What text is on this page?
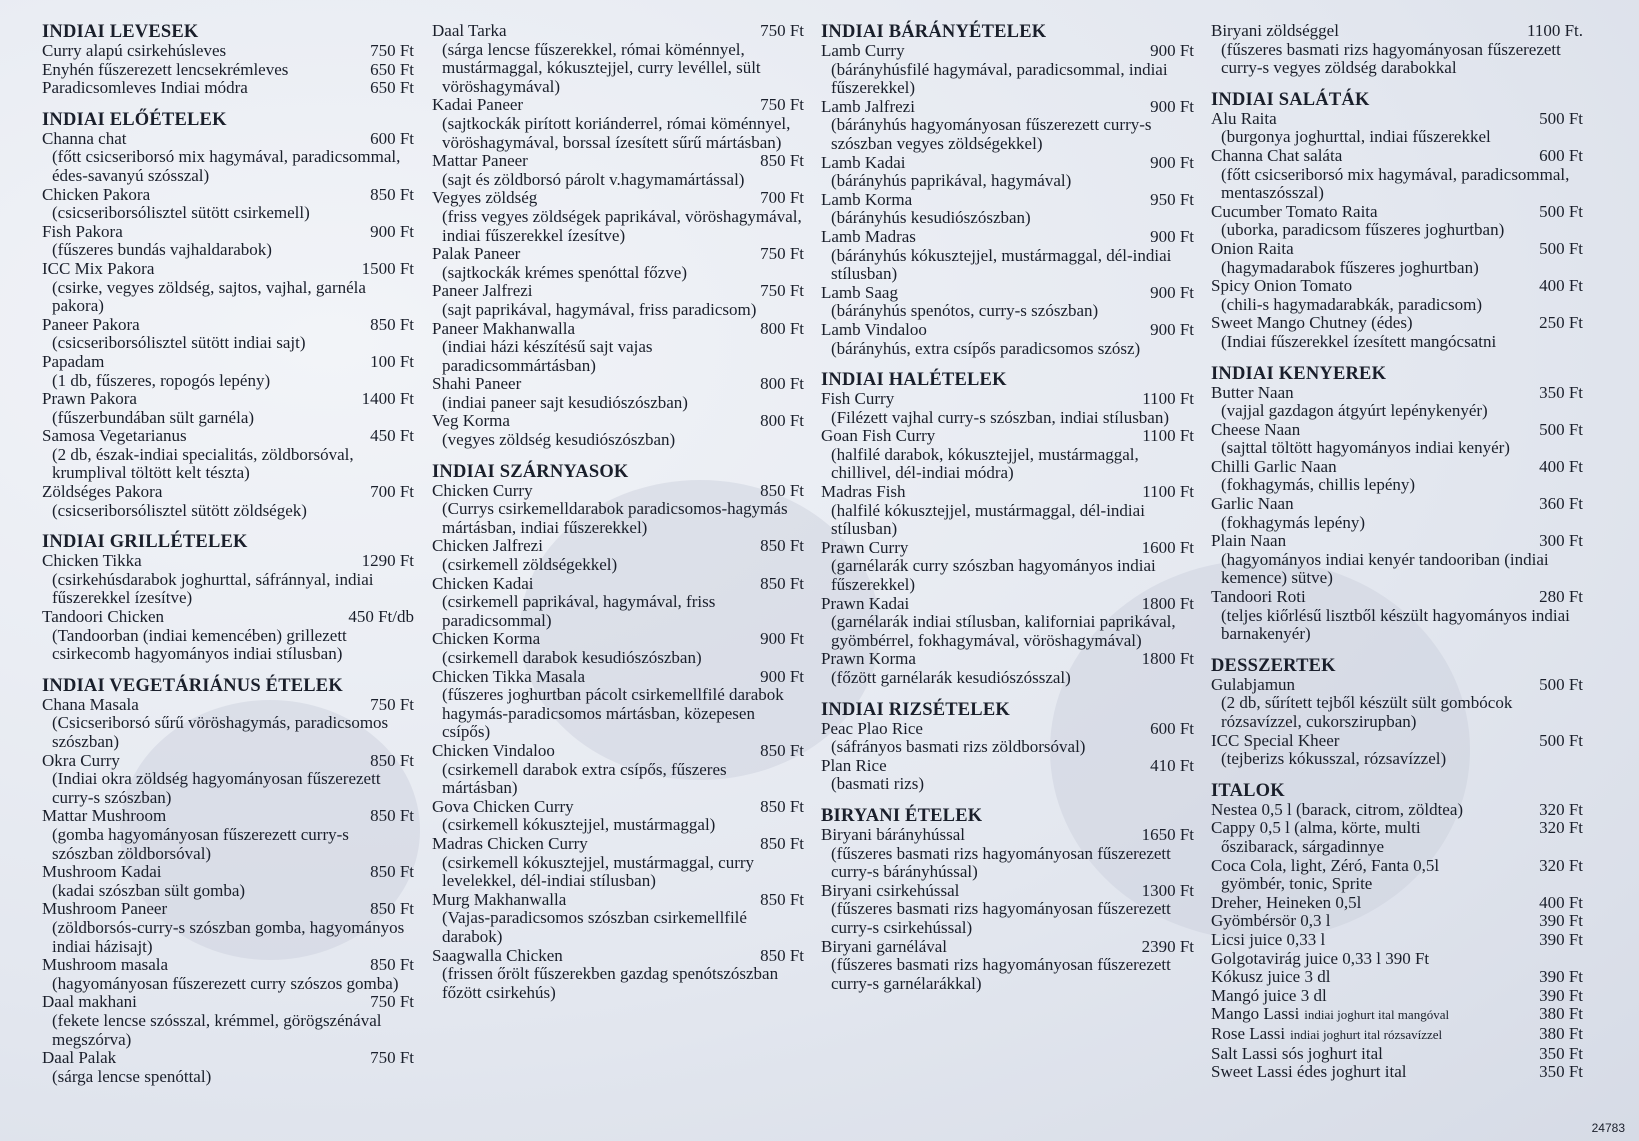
INDIAI LEVESEK
Curry alapú csirkehúsleves	750 Ft
Enyhén fűszerezett lencsekrémleves	650 Ft
Paradicsomleves Indiai módra	650 Ft
INDIAI ELŐÉTELEK
Channa chat	600 Ft
(főtt csicseriborsó mix hagymával, paradicsommal, édes-savanyú szósszal)
Chicken Pakora	850 Ft
(csicseriborsólisztel sütött csirkemell)
Fish Pakora	900 Ft
(fűszeres bundás vajhaldarabok)
ICC Mix Pakora	1500 Ft
(csirke, vegyes zöldség, sajtos, vajhal, garnéla pakora)
Paneer Pakora	850 Ft
(csicseriborsólisztel sütött indiai sajt)
Papadam	100 Ft
(1 db, fűszeres, ropogós lepény)
Prawn Pakora	1400 Ft
(fűszerbundában sült garnéla)
Samosa Vegetarianus	450 Ft
(2 db, észak-indiai specialitás, zöldborsóval, krumplival töltött kelt tészta)
Zöldséges Pakora	700 Ft
(csicseriborsólisztel sütött zöldségek)
INDIAI GRILLÉTELEK
Chicken Tikka	1290 Ft
(csirkehúsdarabok joghurttal, sáfránnyal, indiai fűszerekkel ízesítve)
Tandoori Chicken	450 Ft/db
(Tandoorban (indiai kemencében) grillezett csirkecomb hagyományos indiai stílusban)
INDIAI VEGETÁRIÁNUS ÉTELEK
Chana Masala	750 Ft
(Csicseriborsó sűrű vöröshagymás, paradicsomos szószban)
Okra Curry	850 Ft
(Indiai okra zöldség hagyományosan fűszerezett curry-s szószban)
Mattar Mushroom	850 Ft
(gomba hagyományosan fűszerezett curry-s szószban zöldborsóval)
Mushroom Kadai	850 Ft
(kadai szószban sült gomba)
Mushroom Paneer	850 Ft
(zöldborsós-curry-s szószban gomba, hagyományos indiai házisajt)
Mushroom masala	850 Ft
(hagyományosan fűszerezett curry szószos gomba)
Daal makhani	750 Ft
(fekete lencse szósszal, krémmel, görögszénával megszórva)
Daal Palak	750 Ft
(sárga lencse spenóttal)
Daal Tarka	750 Ft
(sárga lencse fűszerekkel, római köménnyel, mustármaggal, kókusztejjel, curry levéllel, sült vöröshagymával)
Kadai Paneer	750 Ft
(sajtkockák pirított koriánderrel, római köménnyel, vöröshagymával, borssal ízesített sűrű mártásban)
Mattar Paneer	850 Ft
(sajt és zöldborsó párolt v.hagymamártással)
Vegyes zöldség	700 Ft
(friss vegyes zöldségek paprikával, vöröshagymával, indiai fűszerekkel ízesítve)
Palak Paneer	750 Ft
(sajtkockák krémes spenóttal főzve)
Paneer Jalfrezi	750 Ft
(sajt paprikával, hagymával, friss paradicsom)
Paneer Makhanwalla	800 Ft
(indiai házi készítésű sajt vajas paradicsommártásban)
Shahi Paneer	800 Ft
(indiai paneer sajt kesudiószószban)
Veg Korma	800 Ft
(vegyes zöldség kesudiószószban)
INDIAI SZÁRNYASOK
Chicken Curry	850 Ft
(Currys csirkemelldarabok paradicsomos-hagymás mártásban, indiai fűszerekkel)
Chicken Jalfrezi	850 Ft
(csirkemell zöldségekkel)
Chicken Kadai	850 Ft
(csirkemell paprikával, hagymával, friss paradicsommal)
Chicken Korma	900 Ft
(csirkemell darabok kesudiószószban)
Chicken Tikka Masala	900 Ft
(fűszeres joghurtban pácolt csirkemellfilé darabok hagymás-paradicsomos mártásban, közepesen csípős)
Chicken Vindaloo	850 Ft
(csirkemell darabok extra csípős, fűszeres mártásban)
Gova Chicken Curry	850 Ft
(csirkemell kókusztejjel, mustármaggal)
Madras Chicken Curry	850 Ft
(csirkemell kókusztejjel, mustármaggal, curry levelekkel, dél-indiai stílusban)
Murg Makhanwalla	850 Ft
(Vajas-paradicsomos szószban csirkemellfilé darabok)
Saagwalla Chicken	850 Ft
(frissen őrölt fűszerekben gazdag spenótszószban főzött csirkehús)
INDIAI BÁRÁNYÉTELEK
Lamb Curry	900 Ft
(bárányhúsfilé hagymával, paradicsommal, indiai fűszerekkel)
Lamb Jalfrezi	900 Ft
(bárányhús hagyományosan fűszerezett curry-s szószban vegyes zöldségekkel)
Lamb Kadai	900 Ft
(bárányhús paprikával, hagymával)
Lamb Korma	950 Ft
(bárányhús kesudiószószban)
Lamb Madras	900 Ft
(bárányhús kókusztejjel, mustármaggal, dél-indiai stílusban)
Lamb Saag	900 Ft
(bárányhús spenótos, curry-s szószban)
Lamb Vindaloo	900 Ft
(bárányhús, extra csípős paradicsomos szósz)
INDIAI HALÉTELEK
Fish Curry	1100 Ft
(Filézett vajhal curry-s szószban, indiai stílusban)
Goan Fish Curry	1100 Ft
(halfilé darabok, kókusztejjel, mustármaggal, chillivel, dél-indiai módra)
Madras Fish	1100 Ft
(halfilé kókusztejjel, mustármaggal, dél-indiai stílusban)
Prawn Curry	1600 Ft
(garnélarák curry szószban hagyományos indiai fűszerekkel)
Prawn Kadai	1800 Ft
(garnélarák indiai stílusban, kaliforniai paprikával, gyömbérrel, fokhagymával, vöröshagymával)
Prawn Korma	1800 Ft
(főzött garnélarák kesudiószósszal)
INDIAI RIZSÉTELEK
Peac Plao Rice	600 Ft
(sáfrányos basmati rizs zöldborsóval)
Plan Rice	410 Ft
(basmati rizs)
BIRYANI ÉTELEK
Biryani bárányhússal	1650 Ft
(fűszeres basmati rizs hagyományosan fűszerezett curry-s bárányhússal)
Biryani csirkehússal	1300 Ft
(fűszeres basmati rizs hagyományosan fűszerezett curry-s csirkehússal)
Biryani garnélával	2390 Ft
(fűszeres basmati rizs hagyományosan fűszerezett curry-s garnélarákkal)
Biryani zöldséggel	1100 Ft.
(fűszeres basmati rizs hagyományosan fűszerezett curry-s vegyes zöldség darabokkal
INDIAI SALÁTÁK
Alu Raita	500 Ft
(burgonya joghurttal, indiai fűszerekkel
Channa Chat saláta	600 Ft
(főtt csicseriborsó mix hagymával, paradicsommal, mentaszósszal)
Cucumber Tomato Raita	500 Ft
(uborka, paradicsom fűszeres joghurtban)
Onion Raita	500 Ft
(hagymadarabok fűszeres joghurtban)
Spicy Onion Tomato	400 Ft
(chili-s hagymadarabkák, paradicsom)
Sweet Mango Chutney (édes)	250 Ft
(Indiai fűszerekkel ízesített mangócsatni
INDIAI KENYEREK
Butter Naan	350 Ft
(vajjal gazdagon átgyúrt lepénykenyér)
Cheese Naan	500 Ft
(sajttal töltött hagyományos indiai kenyér)
Chilli Garlic Naan	400 Ft
(fokhagymás, chillis lepény)
Garlic Naan	360 Ft
(fokhagymás lepény)
Plain Naan	300 Ft
(hagyományos indiai kenyér tandooriban (indiai kemence) sütve)
Tandoori Roti	280 Ft
(teljes kiőrlésű lisztből készült hagyományos indiai barnakenyér)
DESSZERTEK
Gulabjamun	500 Ft
(2 db, sűrített tejből készült sült gombócok rózsavízzel, cukorszirupban)
ICC Special Kheer	500 Ft
(tejberizs kókusszal, rózsavízzel)
ITALOK
Nestea 0,5 l (barack, citrom, zöldtea)	320 Ft
Cappy 0,5 l (alma, körte, multi	320 Ft
őszibarack, sárgadinnye
Coca Cola, light, Zéró, Fanta 0,5l	320 Ft
gyömbér, tonic, Sprite
Dreher, Heineken 0,5l	400 Ft
Gyömbérsör 0,3 l	390 Ft
Licsi juice 0,33 l	390 Ft
Golgotavirág juice 0,33 l 390 Ft
Kókusz juice 3 dl	390 Ft
Mangó juice 3 dl	390 Ft
Mango Lassi indiai joghurt ital mangóval	380 Ft
Rose Lassi indiai joghurt ital rózsavízzel	380 Ft
Salt Lassi sós joghurt ital	350 Ft
Sweet Lassi édes joghurt ital	350 Ft
24783
